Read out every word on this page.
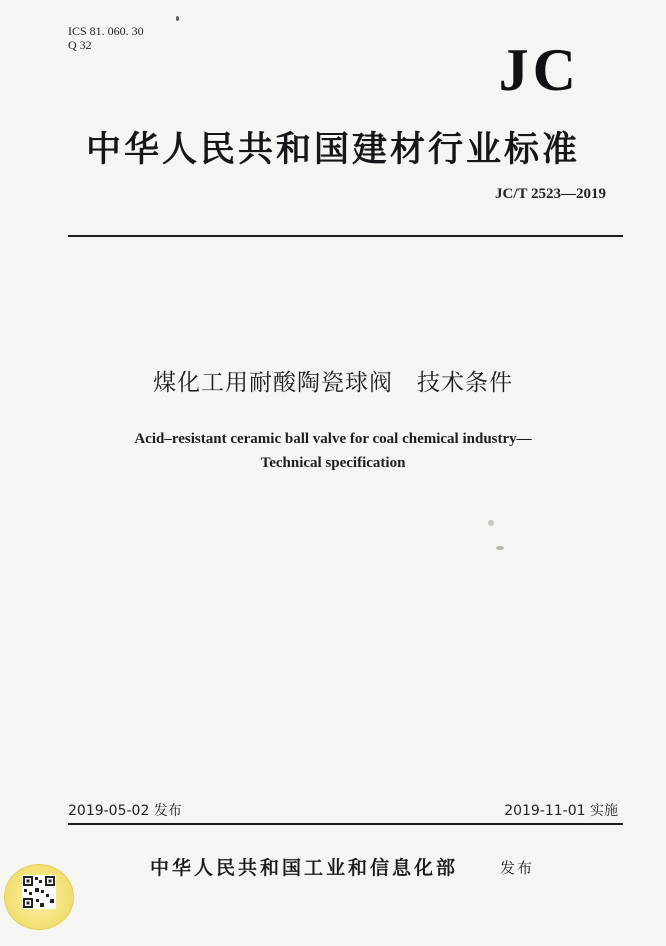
ICS 81. 060. 30
Q 32	JC
中华人民共和国建材行业标准
JC/T 2523—2019
煤化工用耐酸陶瓷球阀　技术条件
Acid–resistant ceramic ball valve for coal chemical industry—
Technical specification
2019-05-02 发布	2019-11-01 实施
中华人民共和国工业和信息化部	发布
